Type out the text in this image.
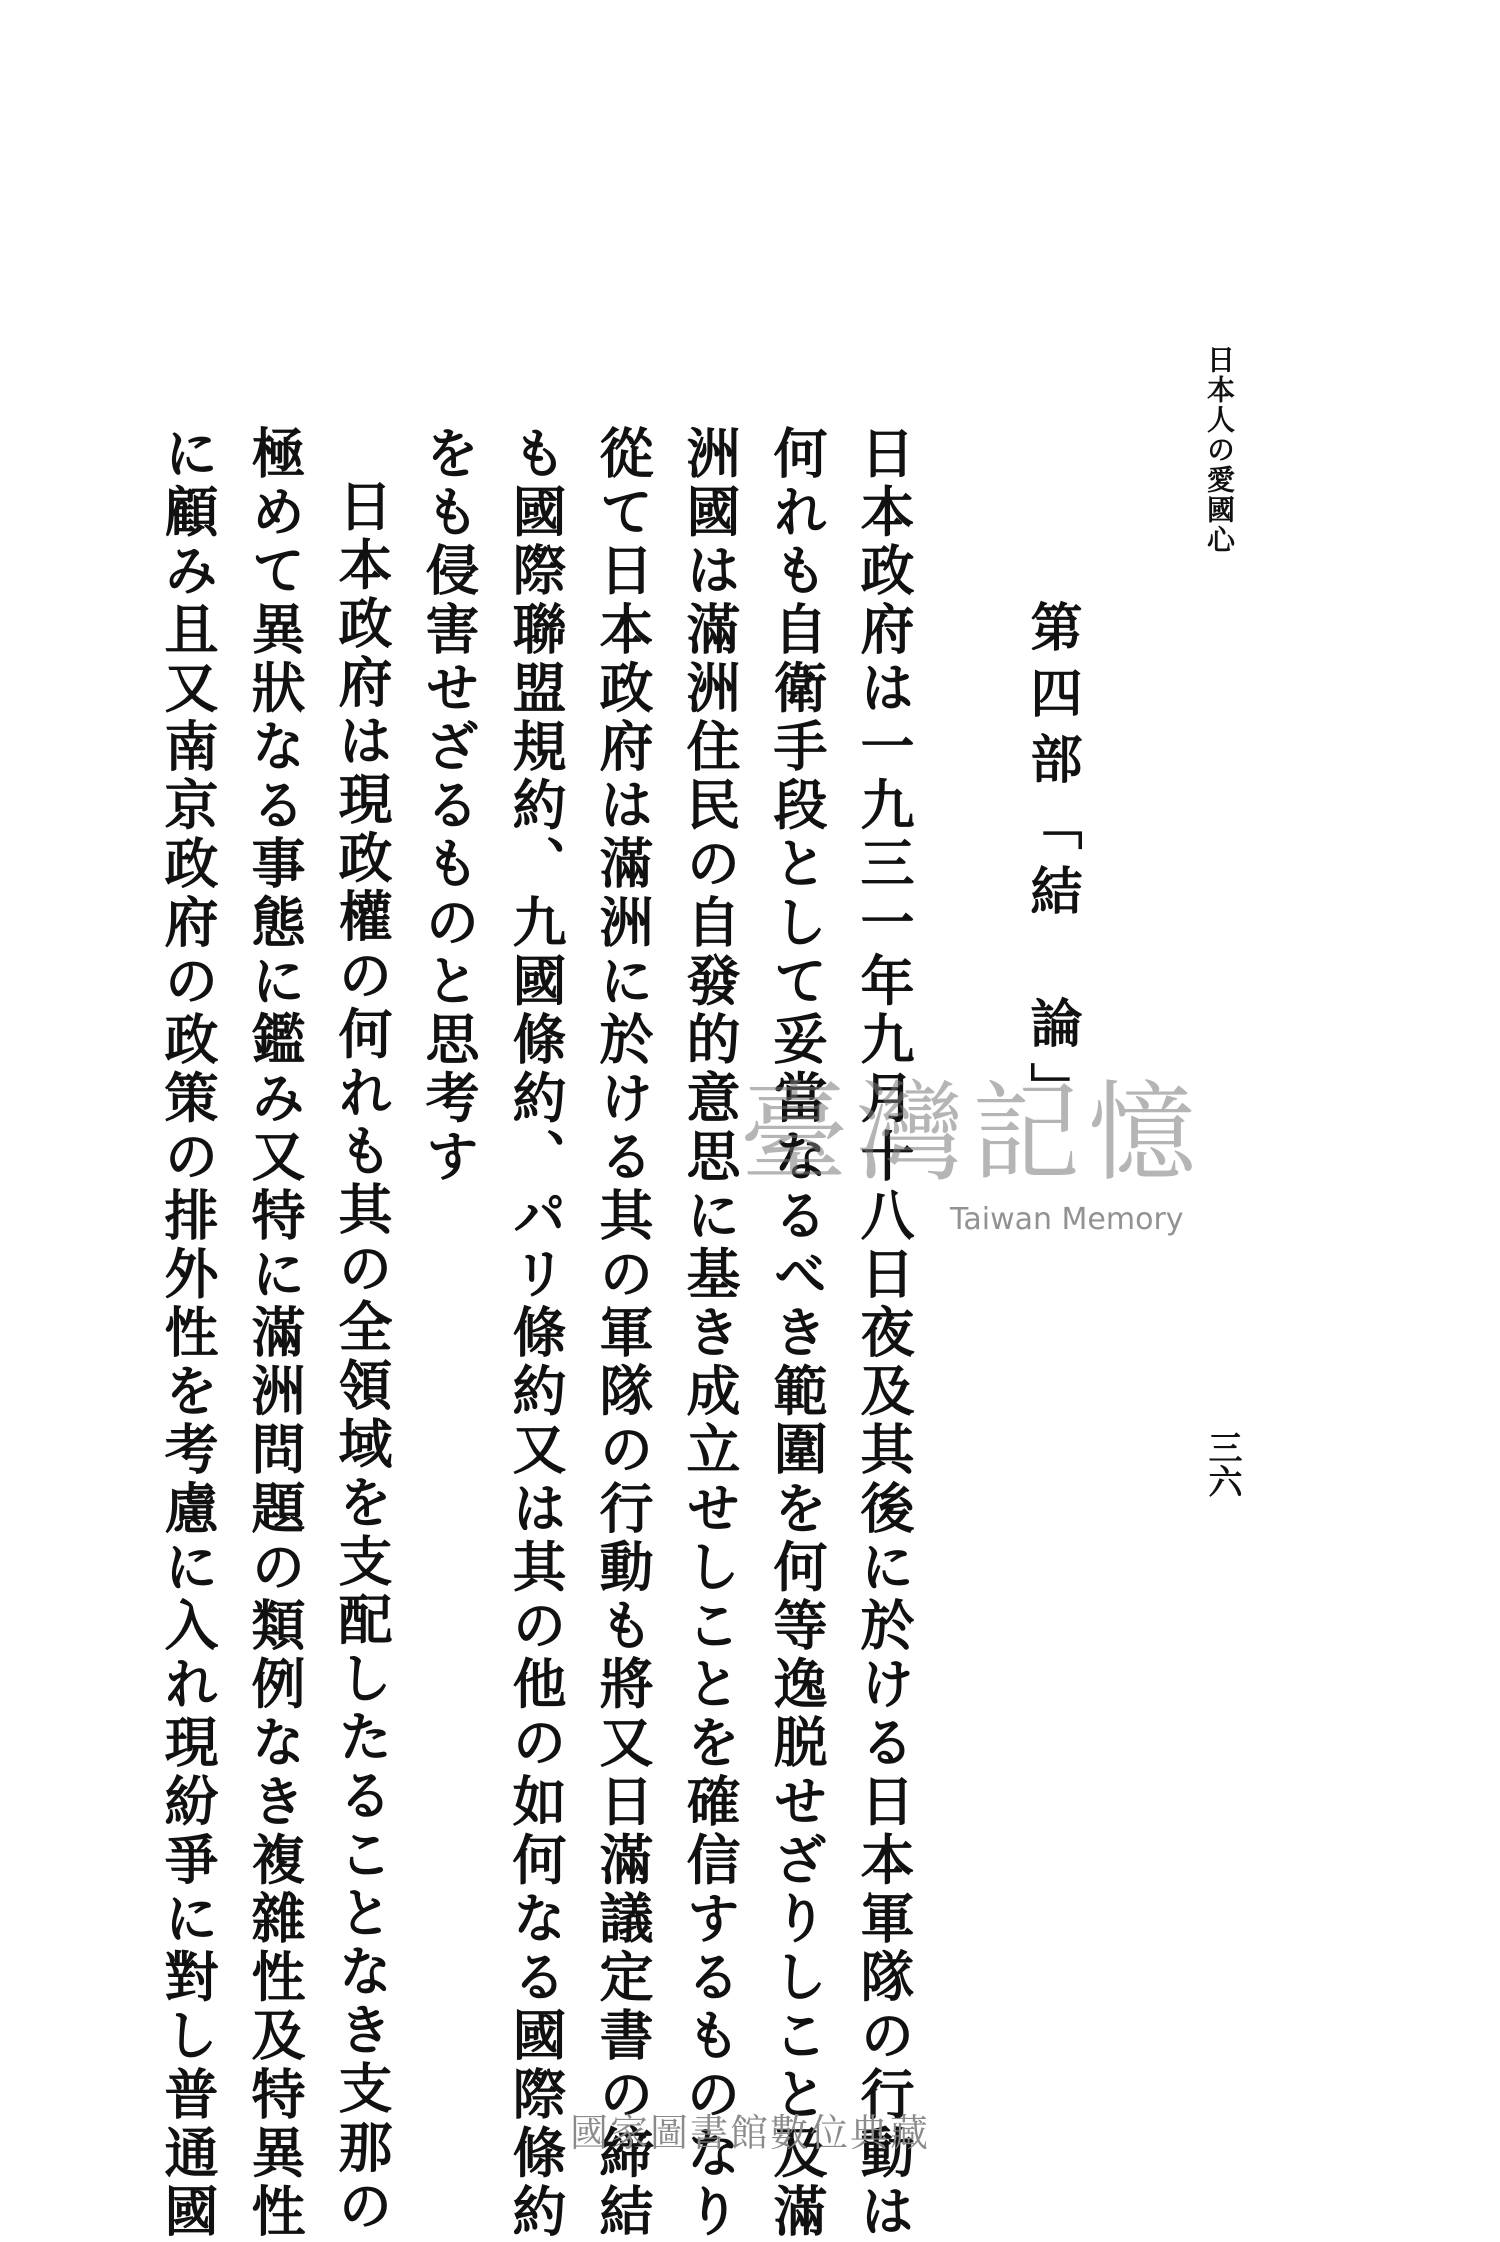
日本人の愛國心
三六
第四部「結　論」
日本政府は一九三一年九月十八日夜及其後に於ける日本軍隊の行動は
何れも自衛手段として妥當なるべき範圍を何等逸脱せざりしこと及滿
洲國は滿洲住民の自發的意思に基き成立せしことを確信するものなり
從て日本政府は滿洲に於ける其の軍隊の行動も將又日滿議定書の締結
も國際聯盟規約、九國條約、パリ條約又は其の他の如何なる國際條約
をも侵害せざるものと思考す
日本政府は現政權の何れも其の全領域を支配したることなき支那の
極めて異狀なる事態に鑑み又特に滿洲問題の類例なき複雜性及特異性
に顧み且又南京政府の政策の排外性を考慮に入れ現紛爭に對し普通國	臺灣記憶
Taiwan Memory
國家圖書館數位典藏
